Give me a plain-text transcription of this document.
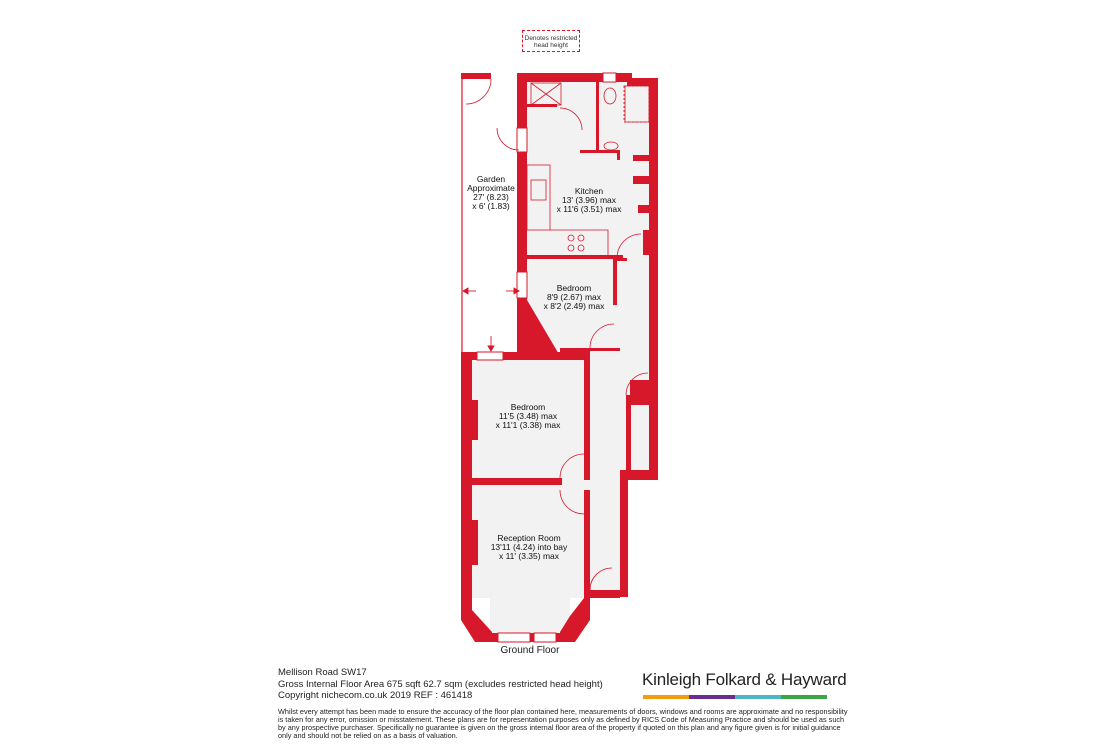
Denotes restricted head height
Garden
Approximate
27' (8.23)
x 6' (1.83)
Kitchen
13' (3.96) max
x 11'6 (3.51) max
Bedroom
8'9 (2.67) max
x 8'2 (2.49) max
Bedroom
11'5 (3.48) max
x 11'1 (3.38) max
Reception Room
13'11 (4.24) into bay
x 11' (3.35) max
Ground Floor
Mellison Road SW17
Gross Internal Floor Area 675 sqft 62.7 sqm (excludes restricted head height)
Copyright nichecom.co.uk 2019 REF : 461418
Kinleigh Folkard & Hayward
Whilst every attempt has been made to ensure the accuracy of the floor plan contained here, measurements of doors, windows and rooms are approximate and no responsibility is taken for any error, omission or misstatement. These plans are for representation purposes only as defined by RICS Code of Measuring Practice and should be used as such by any prospective purchaser. Specifically no guarantee is given on the gross internal floor area of the property if quoted on this plan and any figure given is for initial guidance only and should not be relied on as a basis of valuation.
